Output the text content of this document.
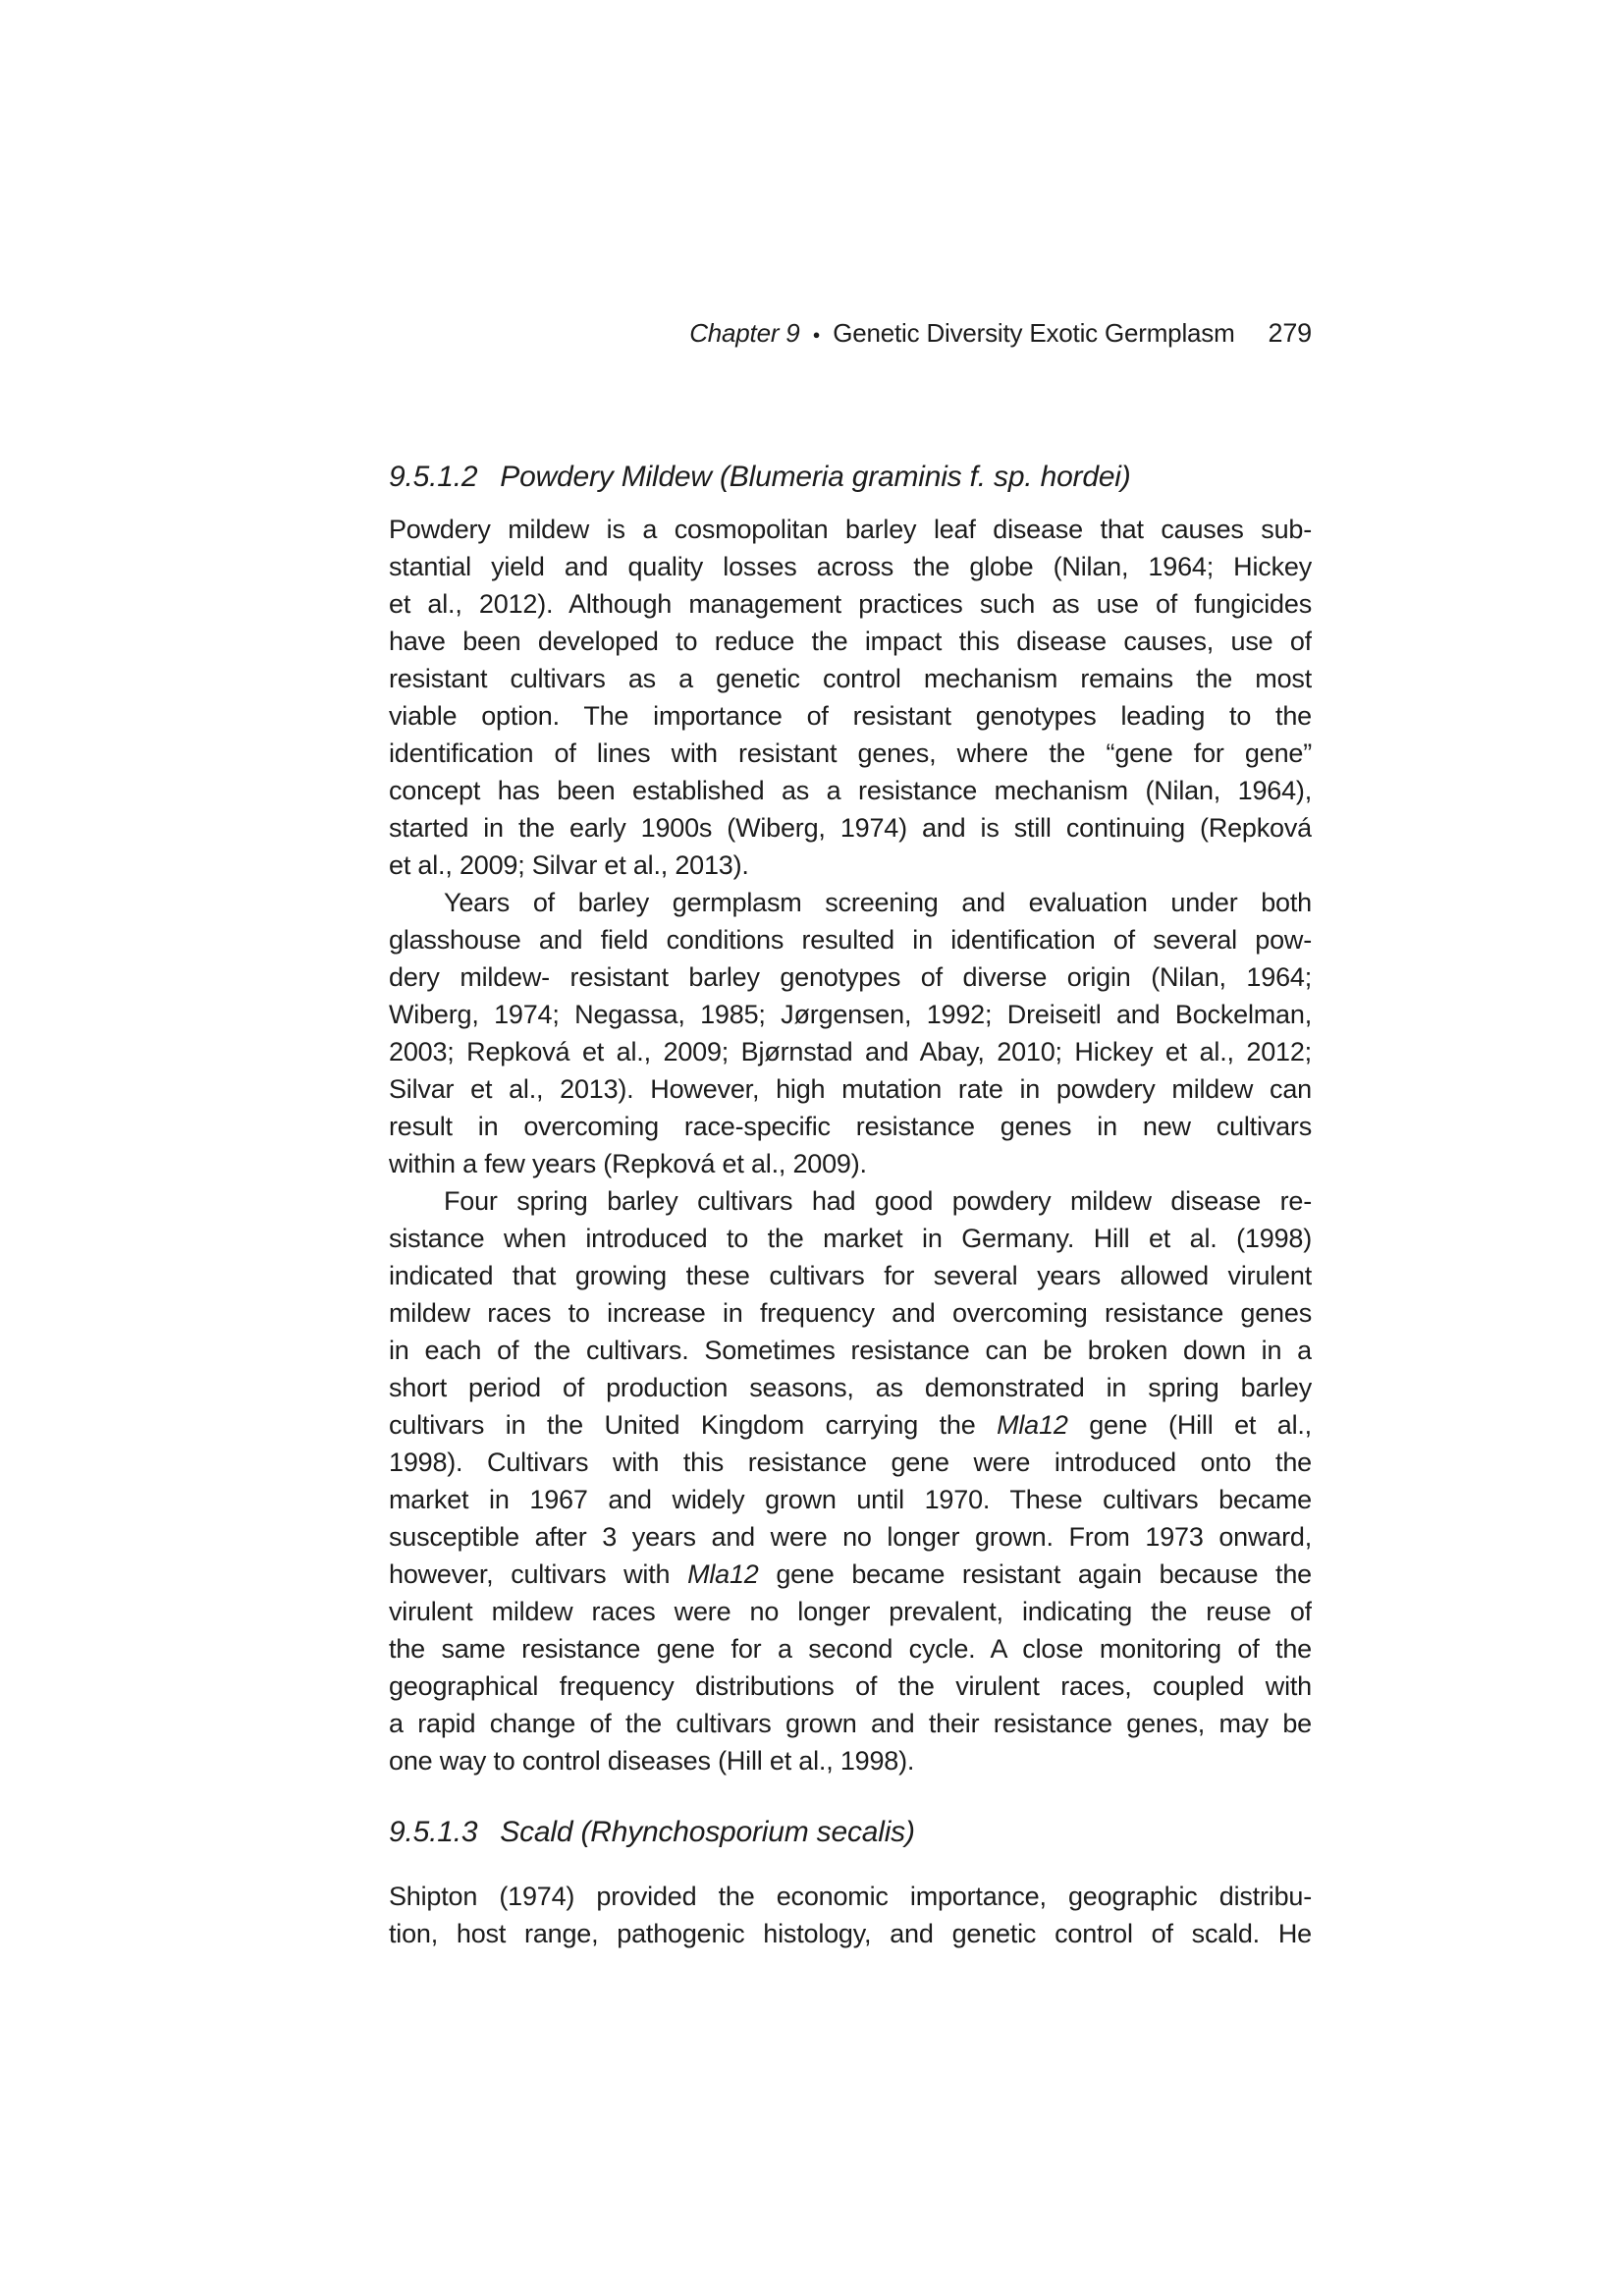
Chapter 9 ● Genetic Diversity Exotic Germplasm 279
9.5.1.2  Powdery Mildew (Blumeria graminis f. sp. hordei)
Powdery mildew is a cosmopolitan barley leaf disease that causes sub-
stantial yield and quality losses across the globe (Nilan, 1964; Hickey
et al., 2012). Although management practices such as use of fungicides
have been developed to reduce the impact this disease causes, use of
resistant cultivars as a genetic control mechanism remains the most
viable option. The importance of resistant genotypes leading to the
identification of lines with resistant genes, where the “gene for gene”
concept has been established as a resistance mechanism (Nilan, 1964),
started in the early 1900s (Wiberg, 1974) and is still continuing (Repková
et al., 2009; Silvar et al., 2013).
Years of barley germplasm screening and evaluation under both
glasshouse and field conditions resulted in identification of several pow-
dery mildew- resistant barley genotypes of diverse origin (Nilan, 1964;
Wiberg, 1974; Negassa, 1985; Jørgensen, 1992; Dreiseitl and Bockelman,
2003; Repková et al., 2009; Bjørnstad and Abay, 2010; Hickey et al., 2012;
Silvar et al., 2013). However, high mutation rate in powdery mildew can
result in overcoming race-specific resistance genes in new cultivars
within a few years (Repková et al., 2009).
Four spring barley cultivars had good powdery mildew disease re-
sistance when introduced to the market in Germany. Hill et al. (1998)
indicated that growing these cultivars for several years allowed virulent
mildew races to increase in frequency and overcoming resistance genes
in each of the cultivars. Sometimes resistance can be broken down in a
short period of production seasons, as demonstrated in spring barley
cultivars in the United Kingdom carrying the Mla12 gene (Hill et al.,
1998). Cultivars with this resistance gene were introduced onto the
market in 1967 and widely grown until 1970. These cultivars became
susceptible after 3 years and were no longer grown. From 1973 onward,
however, cultivars with Mla12 gene became resistant again because the
virulent mildew races were no longer prevalent, indicating the reuse of
the same resistance gene for a second cycle. A close monitoring of the
geographical frequency distributions of the virulent races, coupled with
a rapid change of the cultivars grown and their resistance genes, may be
one way to control diseases (Hill et al., 1998).
9.5.1.3  Scald (Rhynchosporium secalis)
Shipton (1974) provided the economic importance, geographic distribu-
tion, host range, pathogenic histology, and genetic control of scald. He
